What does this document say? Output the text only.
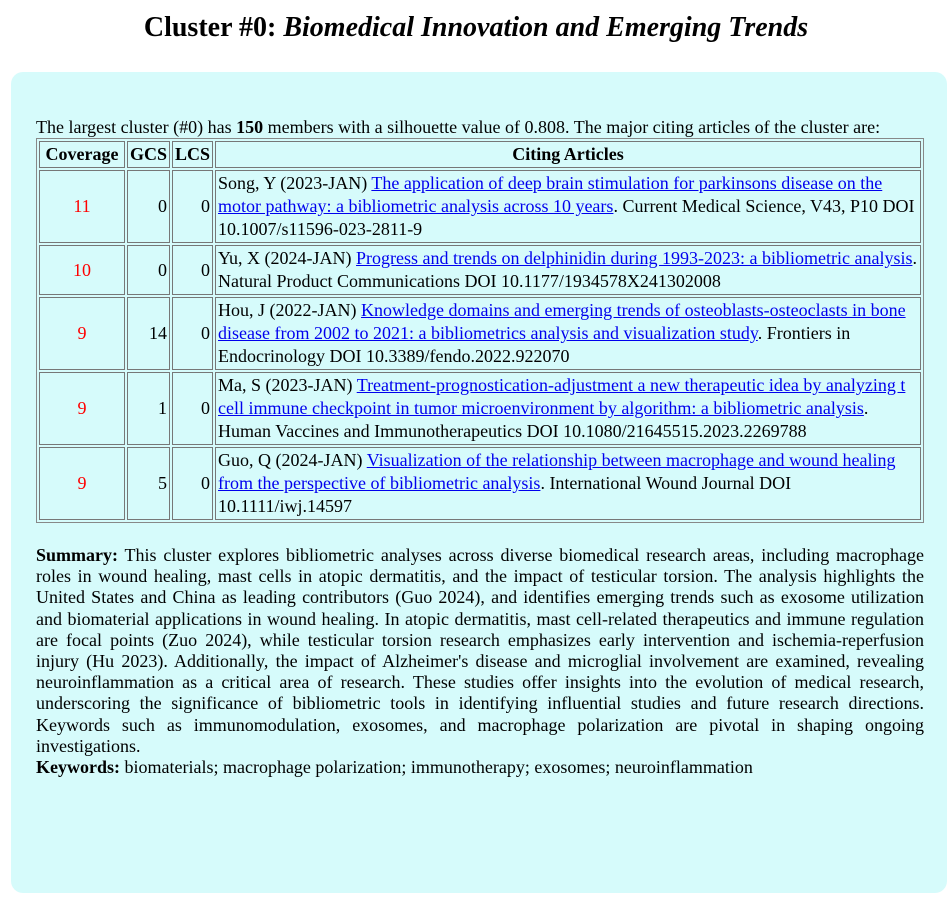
Cluster #0: Biomedical Innovation and Emerging Trends

The largest cluster (#0) has 150 members with a silhouette value of 0.808. The major citing articles of the cluster are:

Coverage	GCS	LCS	Citing Articles
11	0	0	Song, Y (2023-JAN) The application of deep brain stimulation for parkinsons disease on the motor pathway: a bibliometric analysis across 10 years. Current Medical Science, V43, P10 DOI 10.1007/s11596-023-2811-9
10	0	0	Yu, X (2024-JAN) Progress and trends on delphinidin during 1993-2023: a bibliometric analysis. Natural Product Communications DOI 10.1177/1934578X241302008
9	14	0	Hou, J (2022-JAN) Knowledge domains and emerging trends of osteoblasts-osteoclasts in bone disease from 2002 to 2021: a bibliometrics analysis and visualization study. Frontiers in Endocrinology DOI 10.3389/fendo.2022.922070
9	1	0	Ma, S (2023-JAN) Treatment-prognostication-adjustment a new therapeutic idea by analyzing t cell immune checkpoint in tumor microenvironment by algorithm: a bibliometric analysis. Human Vaccines and Immunotherapeutics DOI 10.1080/21645515.2023.2269788
9	5	0	Guo, Q (2024-JAN) Visualization of the relationship between macrophage and wound healing from the perspective of bibliometric analysis. International Wound Journal DOI 10.1111/iwj.14597

Summary: This cluster explores bibliometric analyses across diverse biomedical research areas, including macrophage roles in wound healing, mast cells in atopic dermatitis, and the impact of testicular torsion. The analysis highlights the United States and China as leading contributors (Guo 2024), and identifies emerging trends such as exosome utilization and biomaterial applications in wound healing. In atopic dermatitis, mast cell-related therapeutics and immune regulation are focal points (Zuo 2024), while testicular torsion research emphasizes early intervention and ischemia-reperfusion injury (Hu 2023). Additionally, the impact of Alzheimer's disease and microglial involvement are examined, revealing neuroinflammation as a critical area of research. These studies offer insights into the evolution of medical research, underscoring the significance of bibliometric tools in identifying influential studies and future research directions. Keywords such as immunomodulation, exosomes, and macrophage polarization are pivotal in shaping ongoing investigations.
Keywords: biomaterials; macrophage polarization; immunotherapy; exosomes; neuroinflammation
